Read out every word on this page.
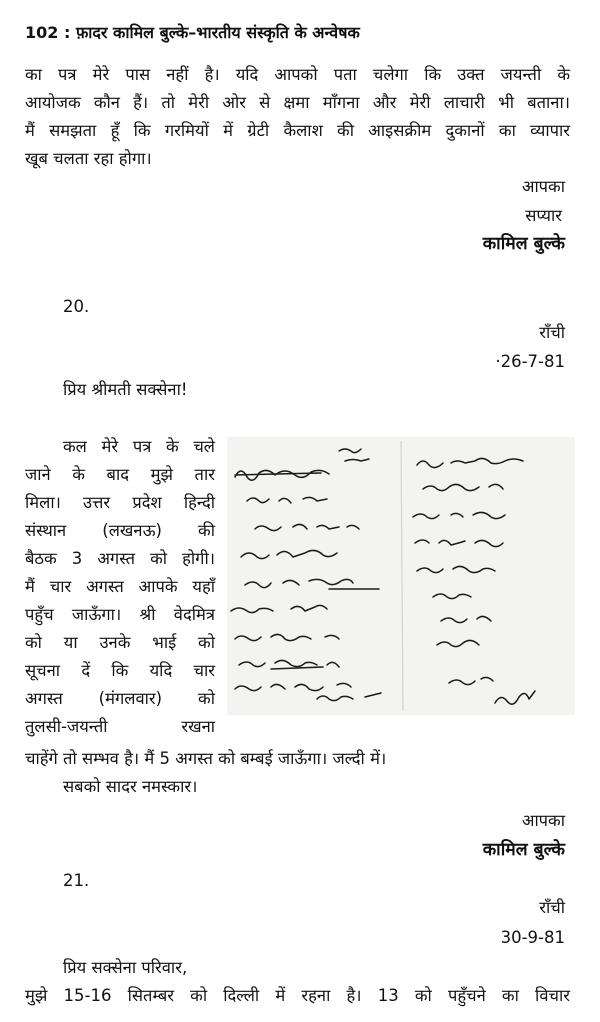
102 : फ़ादर कामिल बुल्के–भारतीय संस्कृति के अन्वेषक
का पत्र मेरे पास नहीं है। यदि आपको पता चलेगा कि उक्त जयन्ती के
आयोजक कौन हैं। तो मेरी ओर से क्षमा माँगना और मेरी लाचारी भी बताना।
मैं समझता हूँ कि गरमियों में ग्रेटी कैलाश की आइसक्रीम दुकानों का व्यापार
खूब चलता रहा होगा।
आपका
सप्यार
कामिल बुल्के
20.
राँची
·26-7-81
प्रिय श्रीमती सक्सेना!
कल मेरे पत्र के चले
जाने के बाद मुझे तार
मिला। उत्तर प्रदेश हिन्दी
संस्थान (लखनऊ) की
बैठक 3 अगस्त को होगी।
मैं चार अगस्त आपके यहाँ
पहुँच जाऊँगा। श्री वेदमित्र
को या उनके भाई को
सूचना दें कि यदि चार
अगस्त (मंगलवार) को
तुलसी-जयन्ती रखना
चाहेंगे तो सम्भव है। मैं 5 अगस्त को बम्बई जाऊँगा। जल्दी में।
सबको सादर नमस्कार।
आपका
कामिल बुल्के
21.
राँची
30-9-81
प्रिय सक्सेना परिवार,
मुझे 15-16 सितम्बर को दिल्ली में रहना है। 13 को पहुँचने का विचार
